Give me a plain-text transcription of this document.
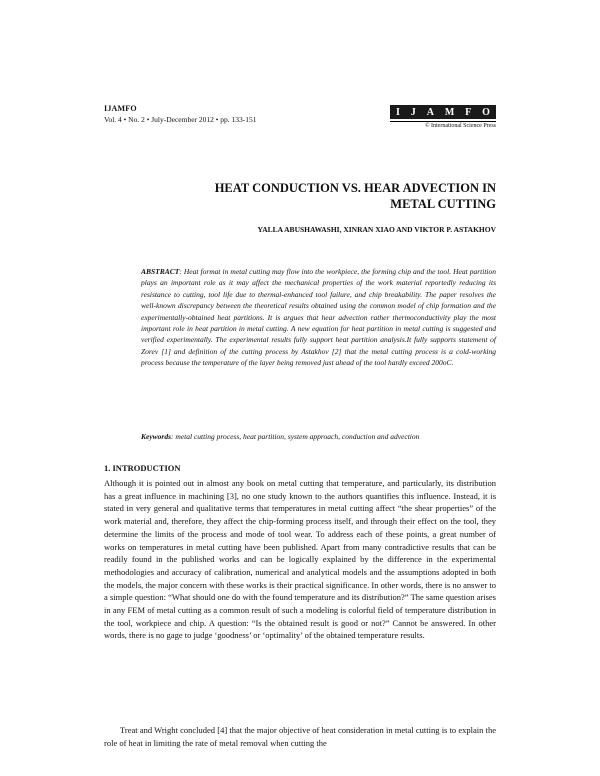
IJAMFO
Vol. 4 • No. 2 • July-December 2012 • pp. 133-151
I J A M F O
© International Science Press
HEAT CONDUCTION VS. HEAR ADVECTION IN
METAL CUTTING
YALLA ABUSHAWASHI, XINRAN XIAO AND VIKTOR P. ASTAKHOV
ABSTRACT: Heat format in metal cutting may flow into the workpiece, the forming chip and the tool. Heat partition plays an important role as it may affect the mechanical properties of the work material reportedly reducing its resistance to cutting, tool life due to thermal-enhanced tool failure, and chip breakability. The paper resolves the well-known discrepancy between the theoretical results obtained using the common model of chip formation and the experimentally-obtained heat partitions. It is argues that hear advection rather thermoconductivity play the most important role in heat partition in metal cutting. A new equation for heat partition in metal cutting is suggested and verified experimentally. The experimental results fully support heat partition analysis.It fully supports statement of Zorev [1] and definition of the cutting process by Astakhov [2] that the metal cutting process is a cold-working process because the temperature of the layer being removed just ahead of the tool hardly exceed 200oC.
Keywords: metal cutting process, heat partition, system approach, conduction and advection
1. INTRODUCTION
Although it is pointed out in almost any book on metal cutting that temperature, and particularly, its distribution has a great influence in machining [3], no one study known to the authors quantifies this influence. Instead, it is stated in very general and qualitative terms that temperatures in metal cutting affect “the shear properties” of the work material and, therefore, they affect the chip-forming process itself, and through their effect on the tool, they determine the limits of the process and mode of tool wear. To address each of these points, a great number of works on temperatures in metal cutting have been published. Apart from many contradictive results that can be readily found in the published works and can be logically explained by the difference in the experimental methodologies and accuracy of calibration, numerical and analytical models and the assumptions adopted in both the models, the major concern with these works is their practical significance. In other words, there is no answer to a simple question: “What should one do with the found temperature and its distribution?” The same question arises in any FEM of metal cutting as a common result of such a modeling is colorful field of temperature distribution in the tool, workpiece and chip. A question: “Is the obtained result is good or not?” Cannot be answered. In other words, there is no gage to judge ‘goodness’ or ‘optimality’ of the obtained temperature results.
Treat and Wright concluded [4] that the major objective of heat consideration in metal cutting is to explain the role of heat in limiting the rate of metal removal when cutting the
